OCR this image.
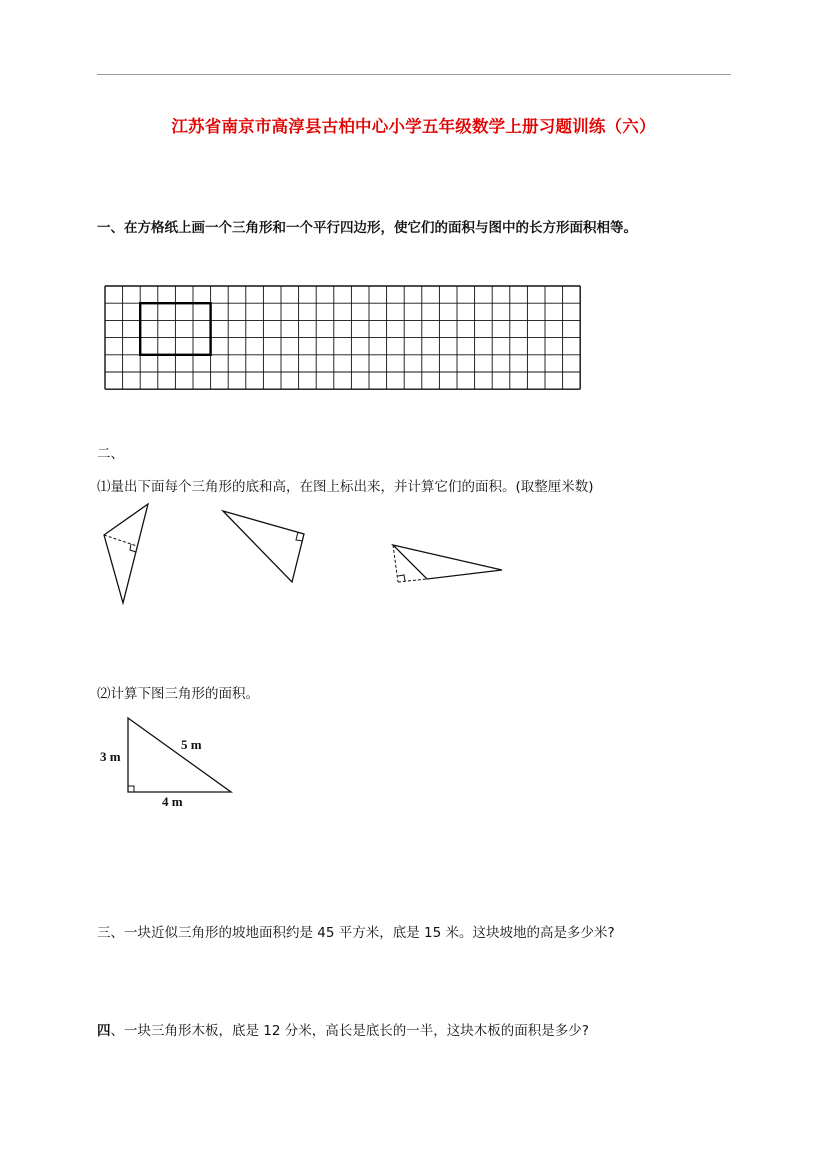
江苏省南京市高淳县古柏中心小学五年级数学上册习题训练（六）
一、在方格纸上画一个三角形和一个平行四边形，使它们的面积与图中的长方形面积相等。
二、
⑴量出下面每个三角形的底和高，在图上标出来，并计算它们的面积。(取整厘米数)
⑵计算下图三角形的面积。
3 m
5 m
4 m
三、一块近似三角形的坡地面积约是 45 平方米，底是 15 米。这块坡地的高是多少米?
四、一块三角形木板，底是 12 分米，高长是底长的一半，这块木板的面积是多少?
